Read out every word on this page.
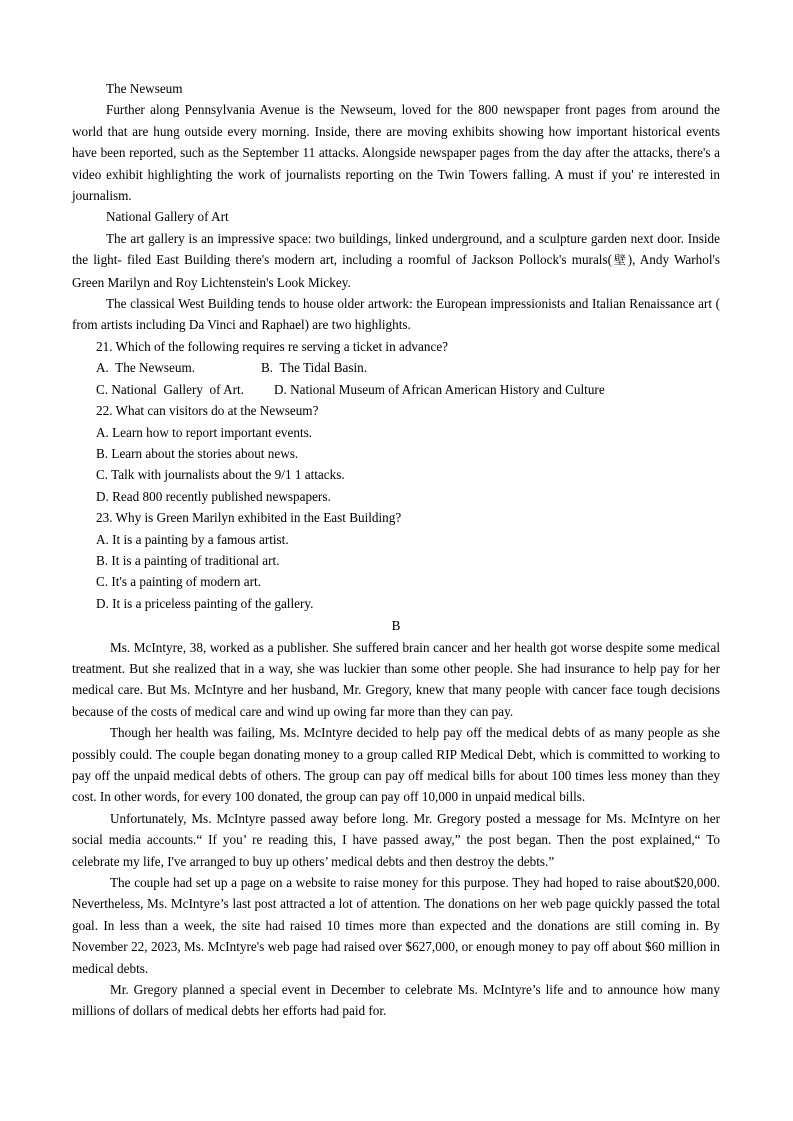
The Newseum

Further along Pennsylvania Avenue is the Newseum, loved for the 800 newspaper front pages from around the world that are hung outside every morning. Inside, there are moving exhibits showing how important historical events have been reported, such as the September 11 attacks. Alongside newspaper pages from the day after the attacks, there's a video exhibit highlighting the work of journalists reporting on the Twin Towers falling. A must if you' re interested in journalism.

National Gallery of Art

The art gallery is an impressive space: two buildings, linked underground, and a sculpture garden next door. Inside the light- filed East Building there's modern art, including a roomful of Jackson Pollock's murals(壁), Andy Warhol's Green Marilyn and Roy Lichtenstein's Look Mickey.

The classical West Building tends to house older artwork: the European impressionists and Italian Renaissance art ( from artists including Da Vinci and Raphael) are two highlights.

21. Which of the following requires re serving a ticket in advance?

A.  The Newseum.	B.  The Tidal Basin.

C. National  Gallery  of Art. D. National Museum of African American History and Culture

22. What can visitors do at the Newseum?

A. Learn how to report important events.

B. Learn about the stories about news.

C. Talk with journalists about the 9/1 1 attacks.

D. Read 800 recently published newspapers.

23. Why is Green Marilyn exhibited in the East Building?

A. It is a painting by a famous artist.

B. It is a painting of traditional art.

C. It's a painting of modern art.

D. It is a priceless painting of the gallery.

B

Ms. McIntyre, 38, worked as a publisher. She suffered brain cancer and her health got worse despite some medical treatment. But she realized that in a way, she was luckier than some other people. She had insurance to help pay for her medical care. But Ms. McIntyre and her husband, Mr. Gregory, knew that many people with cancer face tough decisions because of the costs of medical care and wind up owing far more than they can pay.

Though her health was failing, Ms. McIntyre decided to help pay off the medical debts of as many people as she possibly could. The couple began donating money to a group called RIP Medical Debt, which is committed to working to pay off the unpaid medical debts of others. The group can pay off medical bills for about 100 times less money than they cost. In other words, for every 100 donated, the group can pay off 10,000 in unpaid medical bills.

Unfortunately, Ms. McIntyre passed away before long. Mr. Gregory posted a message for Ms. McIntyre on her social media accounts.“ If you’ re reading this, I have passed away,” the post began. Then the post explained,“ To celebrate my life, I've arranged to buy up others’ medical debts and then destroy the debts.”

The couple had set up a page on a website to raise money for this purpose. They had hoped to raise about$20,000. Nevertheless, Ms. McIntyre’s last post attracted a lot of attention. The donations on her web page quickly passed the total goal. In less than a week, the site had raised 10 times more than expected and the donations are still coming in. By November 22, 2023, Ms. McIntyre's web page had raised over $627,000, or enough money to pay off about $60 million in medical debts.

Mr. Gregory planned a special event in December to celebrate Ms. McIntyre’s life and to announce how many millions of dollars of medical debts her efforts had paid for.
